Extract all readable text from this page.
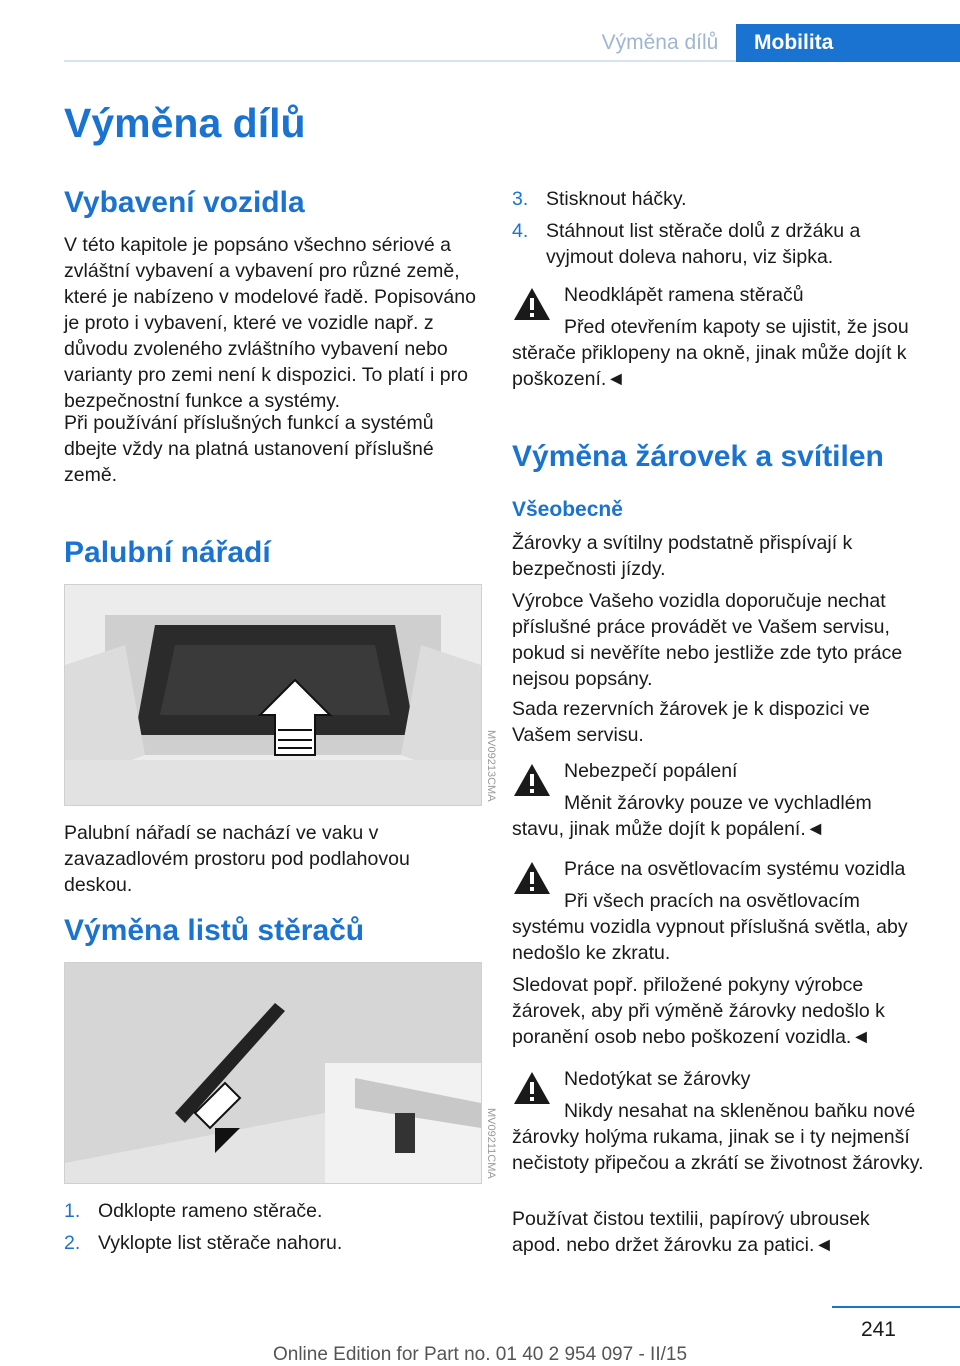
Výměna dílů	Mobilita
Výměna dílů
Vybavení vozidla

V této kapitole je popsáno všechno sériové a zvláštní vybavení a vybavení pro různé země, které je nabízeno v modelové řadě. Popisováno je proto i vybavení, které ve vozidle např. z důvodu zvoleného zvláštního vybavení nebo varianty pro zemi není k dispozici. To platí i pro bezpečnostní funkce a systémy.

Při používání příslušných funkcí a systémů dbejte vždy na platná ustanovení příslušné země.

Palubní nářadí
MV09213CMA

Palubní nářadí se nachází ve vaku v zavazadlovém prostoru pod podlahovou deskou.

Výměna listů stěračů
MV09211CMA
1. Odklopte rameno stěrače.
2. Vyklopte list stěrače nahoru.
3. Stisknout háčky.
4. Stáhnout list stěrače dolů z držáku a vyjmout doleva nahoru, viz šipka.
Neodklápět ramena stěračů
Před otevřením kapoty se ujistit, že jsou stěrače přiklopeny na okně, jinak může dojít k poškození.◄
Výměna žárovek a svítilen
Všeobecně

Žárovky a svítilny podstatně přispívají k bezpečnosti jízdy.

Výrobce Vašeho vozidla doporučuje nechat příslušné práce provádět ve Vašem servisu, pokud si nevěříte nebo jestliže zde tyto práce nejsou popsány.

Sada rezervních žárovek je k dispozici ve Vašem servisu.

Nebezpečí popálení
Měnit žárovky pouze ve vychladlém stavu, jinak může dojít k popálení.◄
Práce na osvětlovacím systému vozidla
Při všech pracích na osvětlovacím systému vozidla vypnout příslušná světla, aby nedošlo ke zkratu.

Sledovat popř. přiložené pokyny výrobce žárovek, aby při výměně žárovky nedošlo k poranění osob nebo poškození vozidla.◄

Nedotýkat se žárovky
Nikdy nesahat na skleněnou baňku nové žárovky holýma rukama, jinak se i ty nejmenší nečistoty připečou a zkrátí se životnost žárovky.

Používat čistou textilii, papírový ubrousek apod. nebo držet žárovku za patici.◄

241
Online Edition for Part no. 01 40 2 954 097 - II/15
